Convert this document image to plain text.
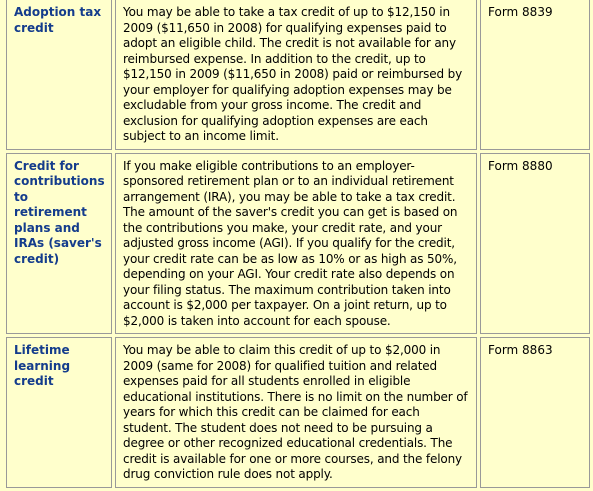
Adoption tax credit	You may be able to take a tax credit of up to $12,150 in 2009 ($11,650 in 2008) for qualifying expenses paid to adopt an eligible child. The credit is not available for any reimbursed expense. In addition to the credit, up to $12,150 in 2009 ($11,650 in 2008) paid or reimbursed by your employer for qualifying adoption expenses may be excludable from your gross income. The credit and exclusion for qualifying adoption expenses are each subject to an income limit.	Form 8839
Credit for contributions to retirement plans and IRAs (saver's credit)	If you make eligible contributions to an employer-sponsored retirement plan or to an individual retirement arrangement (IRA), you may be able to take a tax credit. The amount of the saver's credit you can get is based on the contributions you make, your credit rate, and your adjusted gross income (AGI). If you qualify for the credit, your credit rate can be as low as 10% or as high as 50%, depending on your AGI. Your credit rate also depends on your filing status. The maximum contribution taken into account is $2,000 per taxpayer. On a joint return, up to $2,000 is taken into account for each spouse.	Form 8880
Lifetime learning credit	You may be able to claim this credit of up to $2,000 in 2009 (same for 2008) for qualified tuition and related expenses paid for all students enrolled in eligible educational institutions. There is no limit on the number of years for which this credit can be claimed for each student. The student does not need to be pursuing a degree or other recognized educational credentials. The credit is available for one or more courses, and the felony drug conviction rule does not apply.	Form 8863
